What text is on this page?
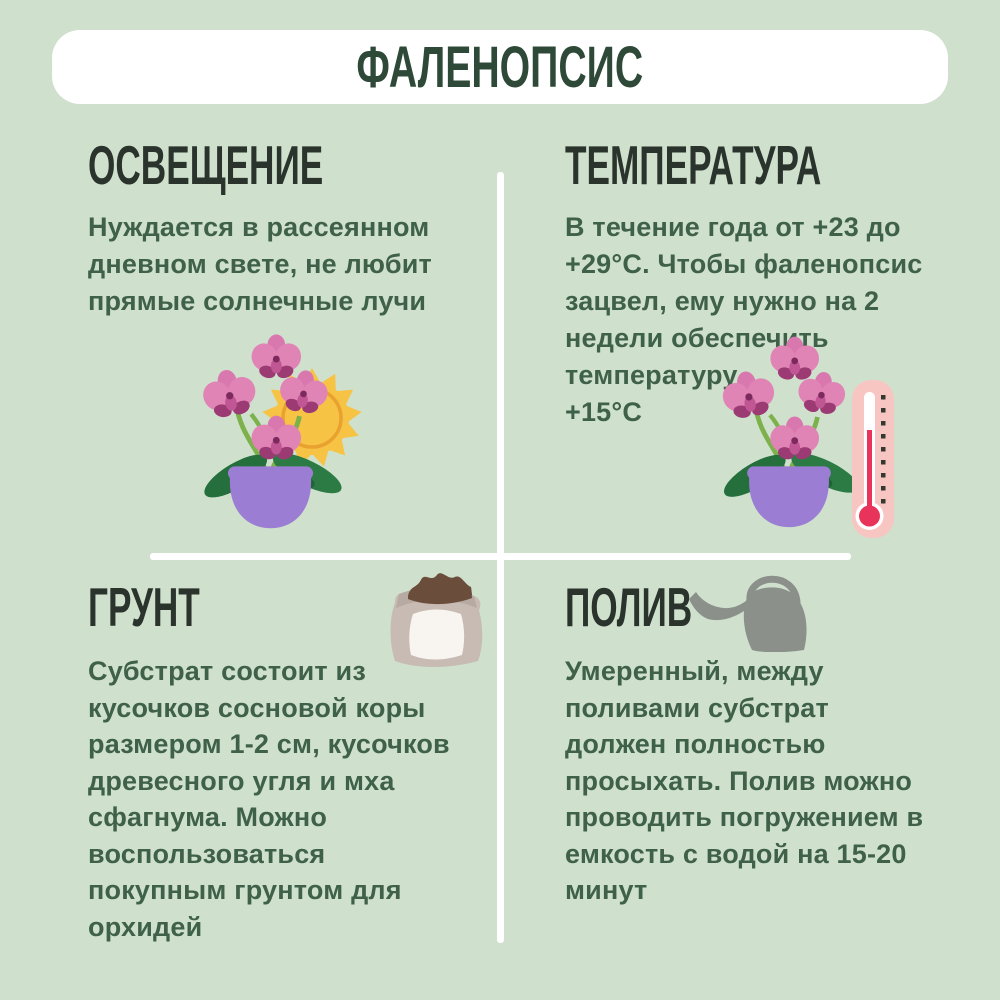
ФАЛЕНОПСИС
ОСВЕЩЕНИЕ
Нуждается в рассеянном
дневном свете, не любит
прямые солнечные лучи
ТЕМПЕРАТУРА
В течение года от +23 до
+29°С. Чтобы фаленопсис
зацвел, ему нужно на 2
недели обеспечить
температуру
+15°С
ГРУНТ
Субстрат состоит из
кусочков сосновой коры
размером 1-2 см, кусочков
древесного угля и мха
сфагнума. Можно
воспользоваться
покупным грунтом для
орхидей
ПОЛИВ
Умеренный, между
поливами субстрат
должен полностью
просыхать. Полив можно
проводить погружением в
емкость с водой на 15-20
минут
